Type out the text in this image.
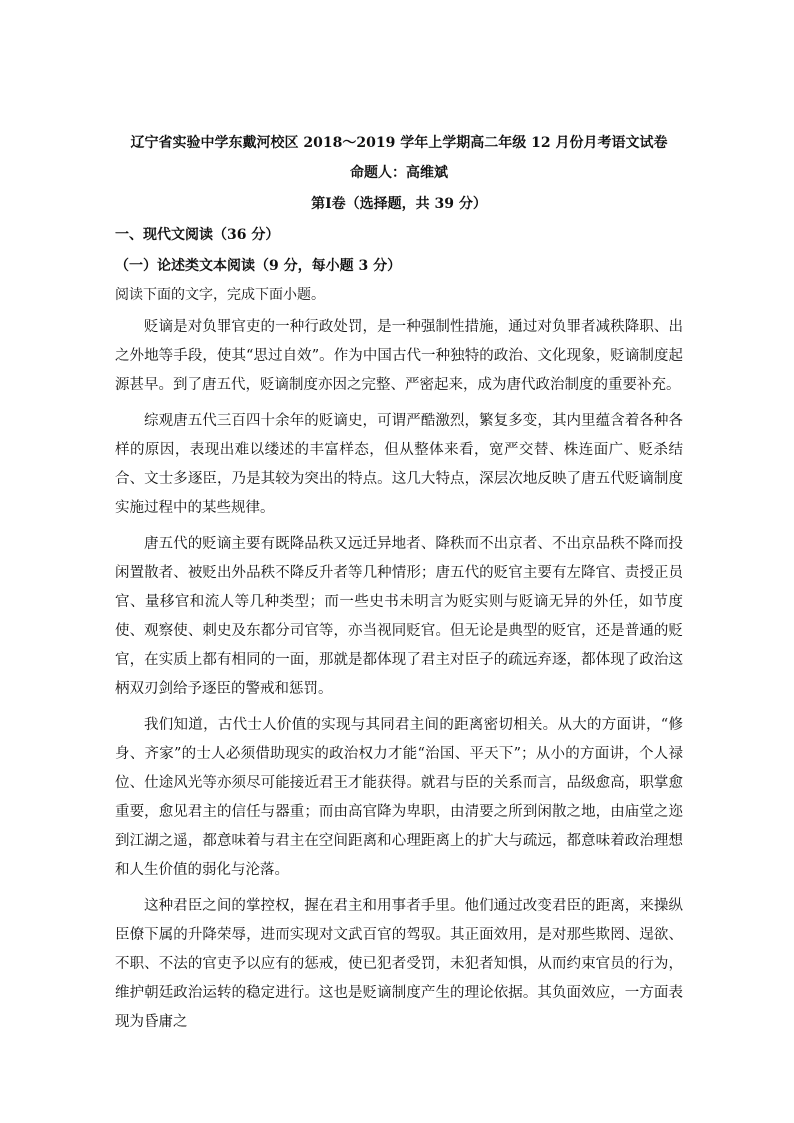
辽宁省实验中学东戴河校区 2018～2019 学年上学期高二年级 12 月份月考语文试卷
命题人：高维斌
第Ⅰ卷（选择题，共 39 分）
一、现代文阅读（36 分）
（一）论述类文本阅读（9 分，每小题 3 分）
阅读下面的文字，完成下面小题。

贬谪是对负罪官吏的一种行政处罚，是一种强制性措施，通过对负罪者减秩降职、出之外地等手段，使其“思过自效”。作为中国古代一种独特的政治、文化现象，贬谪制度起源甚早。到了唐五代，贬谪制度亦因之完整、严密起来，成为唐代政治制度的重要补充。

综观唐五代三百四十余年的贬谪史，可谓严酷激烈，繁复多变，其内里蕴含着各种各样的原因，表现出难以缕述的丰富样态，但从整体来看，宽严交替、株连面广、贬杀结合、文士多逐臣，乃是其较为突出的特点。这几大特点，深层次地反映了唐五代贬谪制度实施过程中的某些规律。

唐五代的贬谪主要有既降品秩又远迁异地者、降秩而不出京者、不出京品秩不降而投闲置散者、被贬出外品秩不降反升者等几种情形；唐五代的贬官主要有左降官、责授正员官、量移官和流人等几种类型；而一些史书未明言为贬实则与贬谪无异的外任，如节度使、观察使、刺史及东都分司官等，亦当视同贬官。但无论是典型的贬官，还是普通的贬官，在实质上都有相同的一面，那就是都体现了君主对臣子的疏远弃逐，都体现了政治这柄双刃剑给予逐臣的警戒和惩罚。

我们知道，古代士人价值的实现与其同君主间的距离密切相关。从大的方面讲，“修身、齐家”的士人必须借助现实的政治权力才能“治国、平天下”；从小的方面讲，个人禄位、仕途风光等亦须尽可能接近君王才能获得。就君与臣的关系而言，品级愈高，职掌愈重要，愈见君主的信任与器重；而由高官降为卑职，由清要之所到闲散之地，由庙堂之迩到江湖之遥，都意味着与君主在空间距离和心理距离上的扩大与疏远，都意味着政治理想和人生价值的弱化与沦落。

这种君臣之间的掌控权，握在君主和用事者手里。他们通过改变君臣的距离，来操纵臣僚下属的升降荣辱，进而实现对文武百官的驾驭。其正面效用，是对那些欺罔、逞欲、不职、不法的官吏予以应有的惩戒，使已犯者受罚，未犯者知惧，从而约束官员的行为，维护朝廷政治运转的稳定进行。这也是贬谪制度产生的理论依据。其负面效应，一方面表现为昏庸之
